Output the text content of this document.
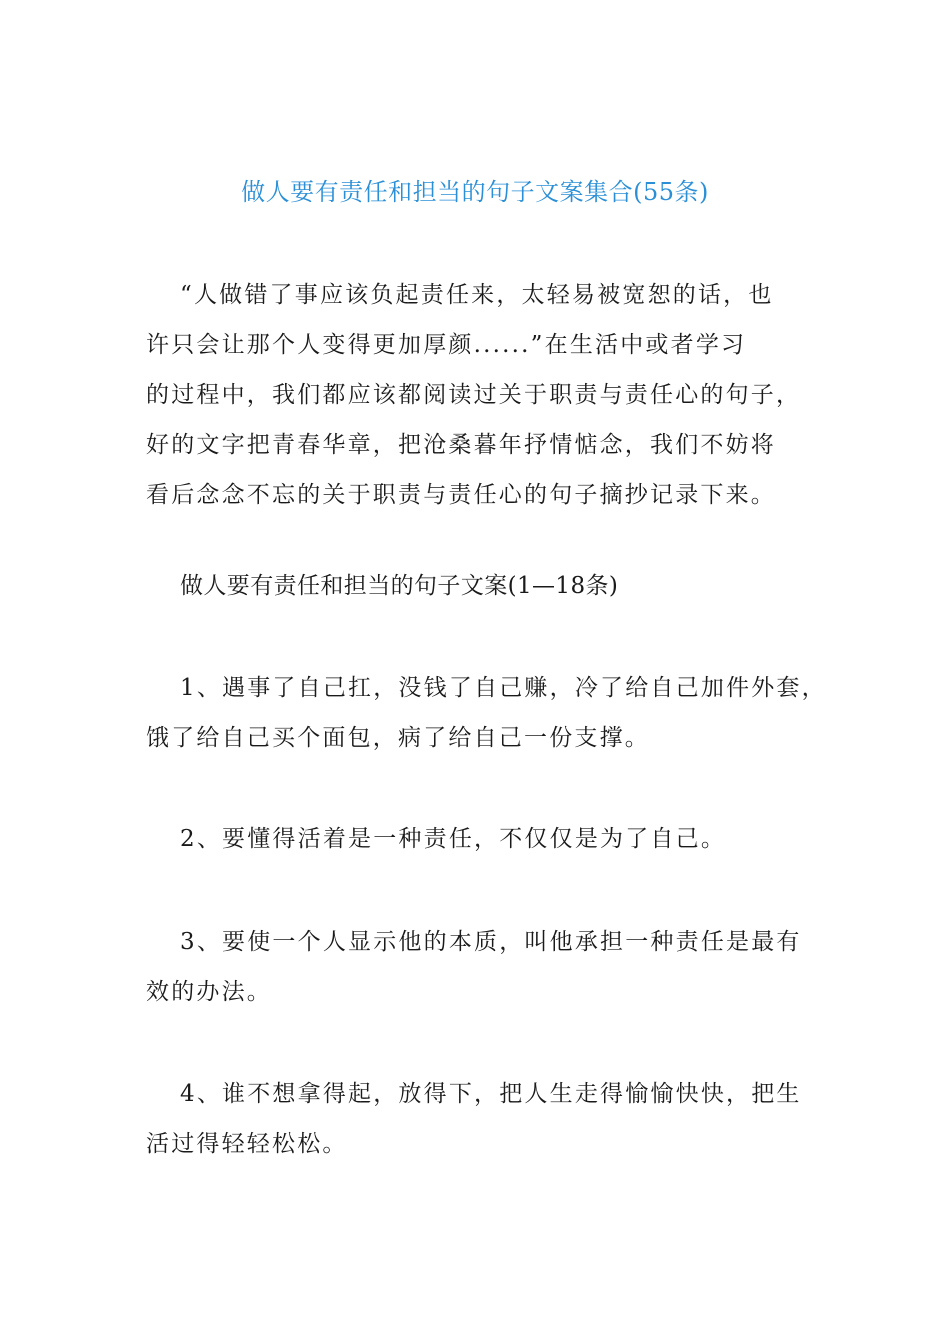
做人要有责任和担当的句子文案集合(55条)
“人做错了事应该负起责任来，太轻易被宽恕的话，也
许只会让那个人变得更加厚颜......”在生活中或者学习
的过程中，我们都应该都阅读过关于职责与责任心的句子，
好的文字把青春华章，把沧桑暮年抒情惦念，我们不妨将
看后念念不忘的关于职责与责任心的句子摘抄记录下来。
做人要有责任和担当的句子文案(1—18条)
1、遇事了自己扛，没钱了自己赚，冷了给自己加件外套，
饿了给自己买个面包，病了给自己一份支撑。
2、要懂得活着是一种责任，不仅仅是为了自己。
3、要使一个人显示他的本质，叫他承担一种责任是最有
效的办法。
4、谁不想拿得起，放得下，把人生走得愉愉快快，把生
活过得轻轻松松。
